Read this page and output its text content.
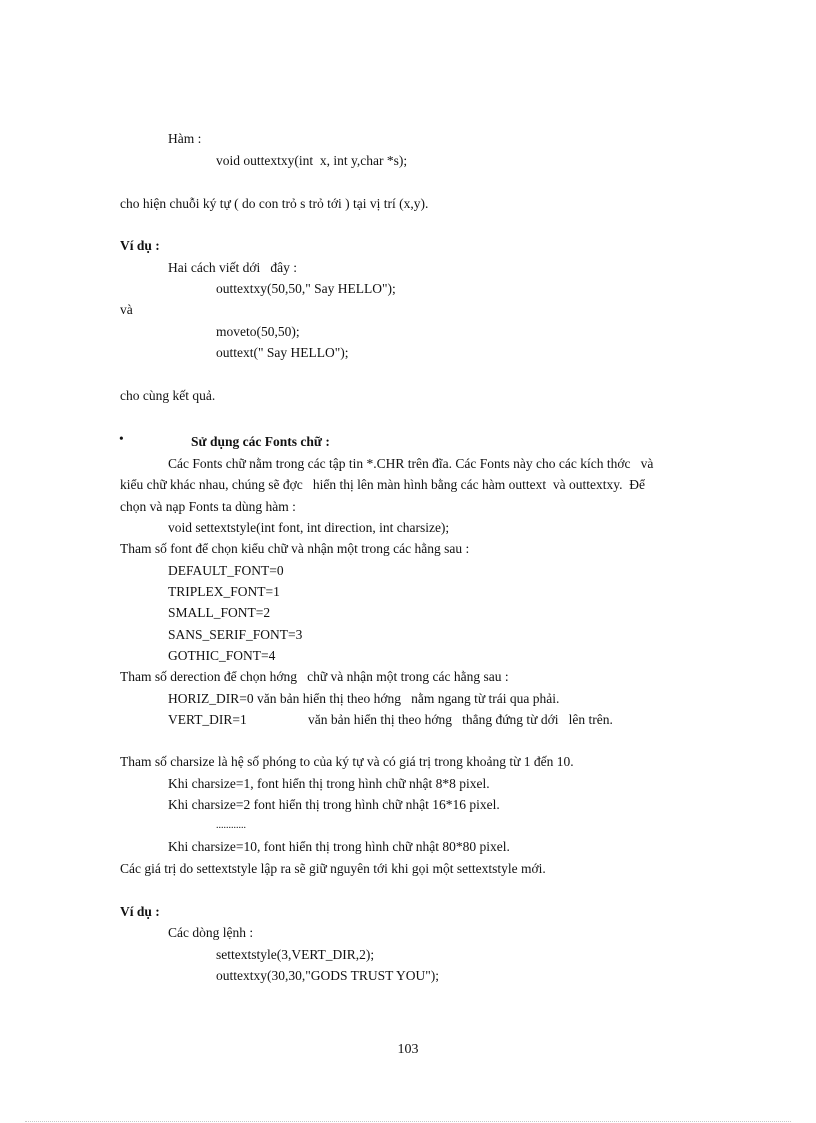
Hàm :
void outtextxy(int  x, int y,char *s);
cho hiện chuỗi ký tự ( do con trỏ s trỏ tới ) tại vị trí (x,y).
Ví dụ :
Hai cách viết dới   đây :
outtextxy(50,50," Say HELLO");
và
moveto(50,50);
outtext(" Say HELLO");
cho cùng kết quả.
•	Sử dụng các Fonts chữ :
Các Fonts chữ nằm trong các tập tin *.CHR trên đĩa. Các Fonts này cho các kích thớc   và
kiểu chữ khác nhau, chúng sẽ đợc   hiển thị lên màn hình bằng các hàm outtext  và outtextxy.  Để
chọn và nạp Fonts ta dùng hàm :
void settextstyle(int font, int direction, int charsize);
Tham số font để chọn kiểu chữ và nhận một trong các hằng sau :
DEFAULT_FONT=0
TRIPLEX_FONT=1
SMALL_FONT=2
SANS_SERIF_FONT=3
GOTHIC_FONT=4
Tham số derection để chọn hớng   chữ và nhận một trong các hằng sau :
HORIZ_DIR=0 văn bản hiển thị theo hớng   nằm ngang từ trái qua phải.
VERT_DIR=1	văn bản hiển thị theo hớng   thẳng đứng từ dới   lên trên.
Tham số charsize là hệ số phóng to của ký tự và có giá trị trong khoảng từ 1 đến 10.
Khi charsize=1, font hiển thị trong hình chữ nhật 8*8 pixel.
Khi charsize=2 font hiển thị trong hình chữ nhật 16*16 pixel.
............
Khi charsize=10, font hiển thị trong hình chữ nhật 80*80 pixel.
Các giá trị do settextstyle lập ra sẽ giữ nguyên tới khi gọi một settextstyle mới.
Ví dụ :
Các dòng lệnh :
settextstyle(3,VERT_DIR,2);
outtextxy(30,30,"GODS TRUST YOU");
103
